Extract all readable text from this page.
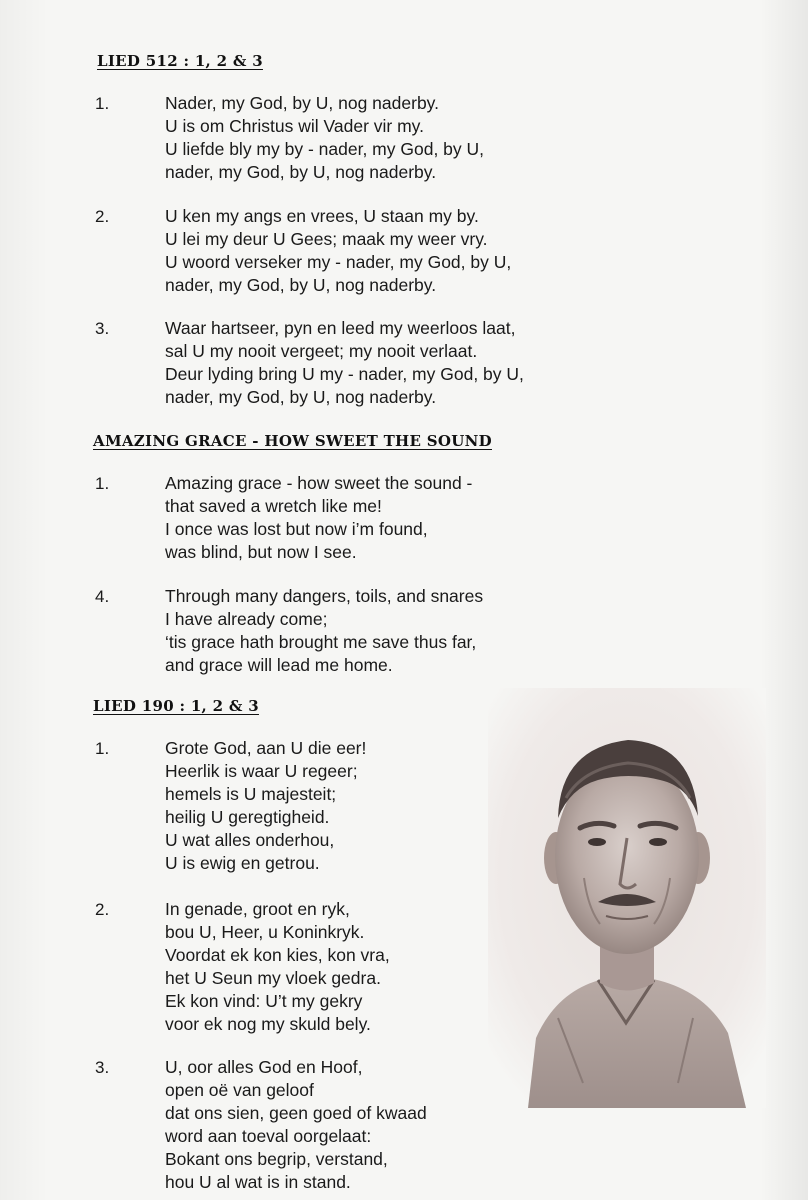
LIED 512 : 1, 2 & 3
1.	Nader, my God, by U, nog naderby.
U is om Christus wil Vader vir my.
U liefde bly my by - nader, my God, by U,
nader, my God, by U, nog naderby.
2.	U ken my angs en vrees, U staan my by.
U lei my deur U Gees; maak my weer vry.
U woord verseker my - nader, my God, by U,
nader, my God, by U, nog naderby.
3.	Waar hartseer, pyn en leed my weerloos laat,
sal U my nooit vergeet; my nooit verlaat.
Deur lyding bring U my - nader, my God, by U,
nader, my God, by U, nog naderby.
AMAZING GRACE - HOW SWEET THE SOUND
1.	Amazing grace - how sweet the sound -
that saved a wretch like me!
I once was lost but now i’m found,
was blind, but now I see.
4.	Through many dangers, toils, and snares
I have already come;
‘tis grace hath brought me save thus far,
and grace will lead me home.
LIED 190 : 1, 2 & 3
1.	Grote God, aan U die eer!
Heerlik is waar U regeer;
hemels is U majesteit;
heilig U geregtigheid.
U wat alles onderhou,
U is ewig en getrou.
2.	In genade, groot en ryk,
bou U, Heer, u Koninkryk.
Voordat ek kon kies, kon vra,
het U Seun my vloek gedra.
Ek kon vind: U’t my gekry
voor ek nog my skuld bely.
3.	U, oor alles God en Hoof,
open oë van geloof
dat ons sien, geen goed of kwaad
word aan toeval oorgelaat:
Bokant ons begrip, verstand,
hou U al wat is in stand.
